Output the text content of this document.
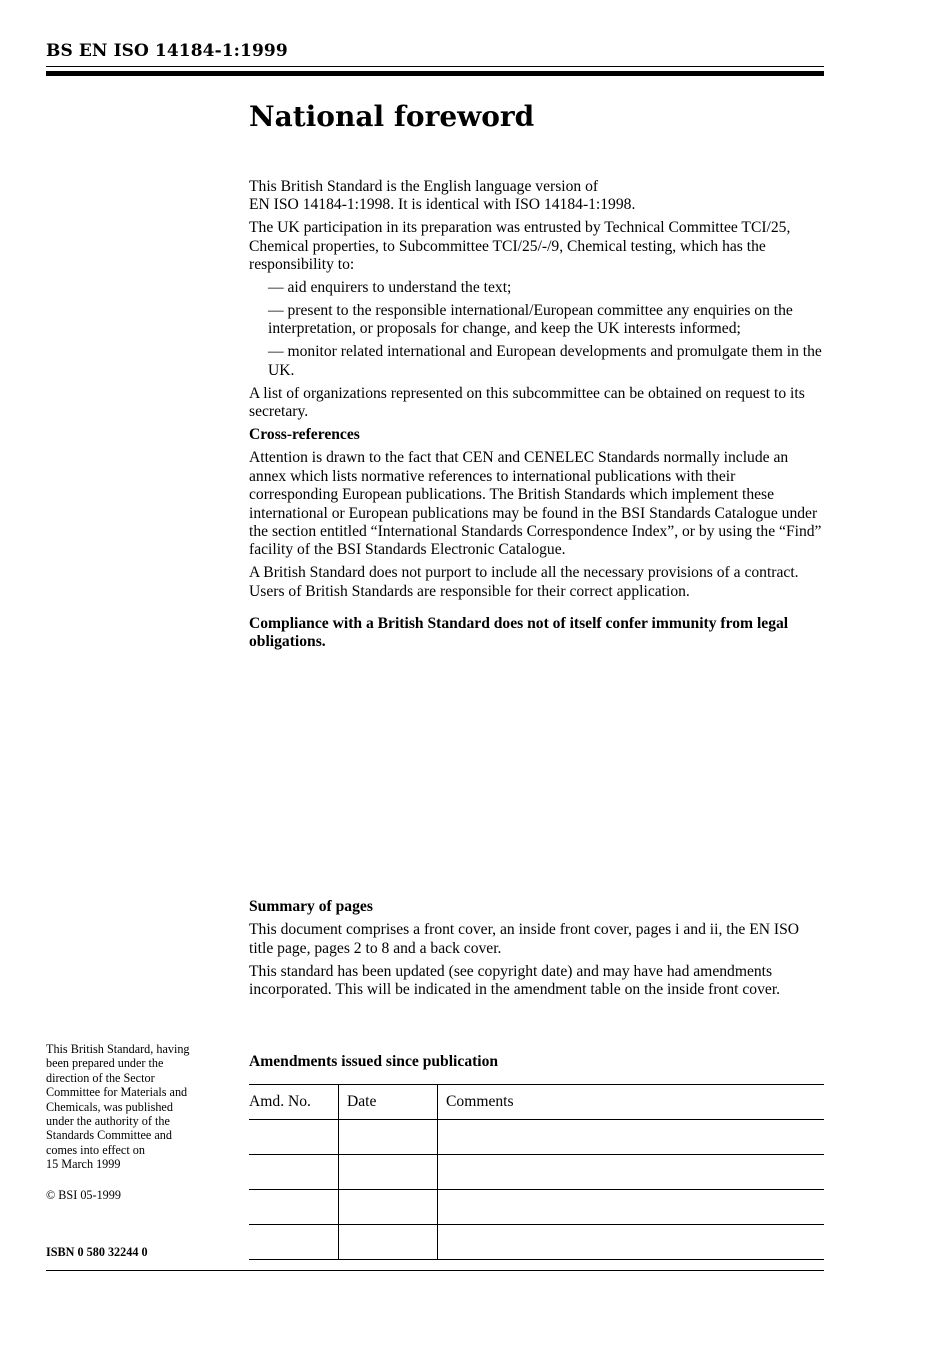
BS EN ISO 14184-1:1999
National foreword

This British Standard is the English language version of
EN ISO 14184-1:1998. It is identical with ISO 14184-1:1998.

The UK participation in its preparation was entrusted by Technical Committee TCI/25, Chemical properties, to Subcommittee TCI/25/-/9, Chemical testing, which has the responsibility to:

— aid enquirers to understand the text;

— present to the responsible international/European committee any enquiries on the interpretation, or proposals for change, and keep the UK interests informed;

— monitor related international and European developments and promulgate them in the UK.

A list of organizations represented on this subcommittee can be obtained on request to its secretary.

Cross-references

Attention is drawn to the fact that CEN and CENELEC Standards normally include an annex which lists normative references to international publications with their corresponding European publications. The British Standards which implement these international or European publications may be found in the BSI Standards Catalogue under the section entitled “International Standards Correspondence Index”, or by using the “Find” facility of the BSI Standards Electronic Catalogue.

A British Standard does not purport to include all the necessary provisions of a contract. Users of British Standards are responsible for their correct application.

Compliance with a British Standard does not of itself confer immunity from legal obligations.

Summary of pages

This document comprises a front cover, an inside front cover, pages i and ii, the EN ISO title page, pages 2 to 8 and a back cover.

This standard has been updated (see copyright date) and may have had amendments incorporated. This will be indicated in the amendment table on the inside front cover.

Amendments issued since publication
Amd. No.	Date	Comments

This British Standard, having
been prepared under the
direction of the Sector
Committee for Materials and
Chemicals, was published
under the authority of the
Standards Committee and
comes into effect on
15 March 1999
© BSI 05-1999
ISBN 0 580 32244 0
